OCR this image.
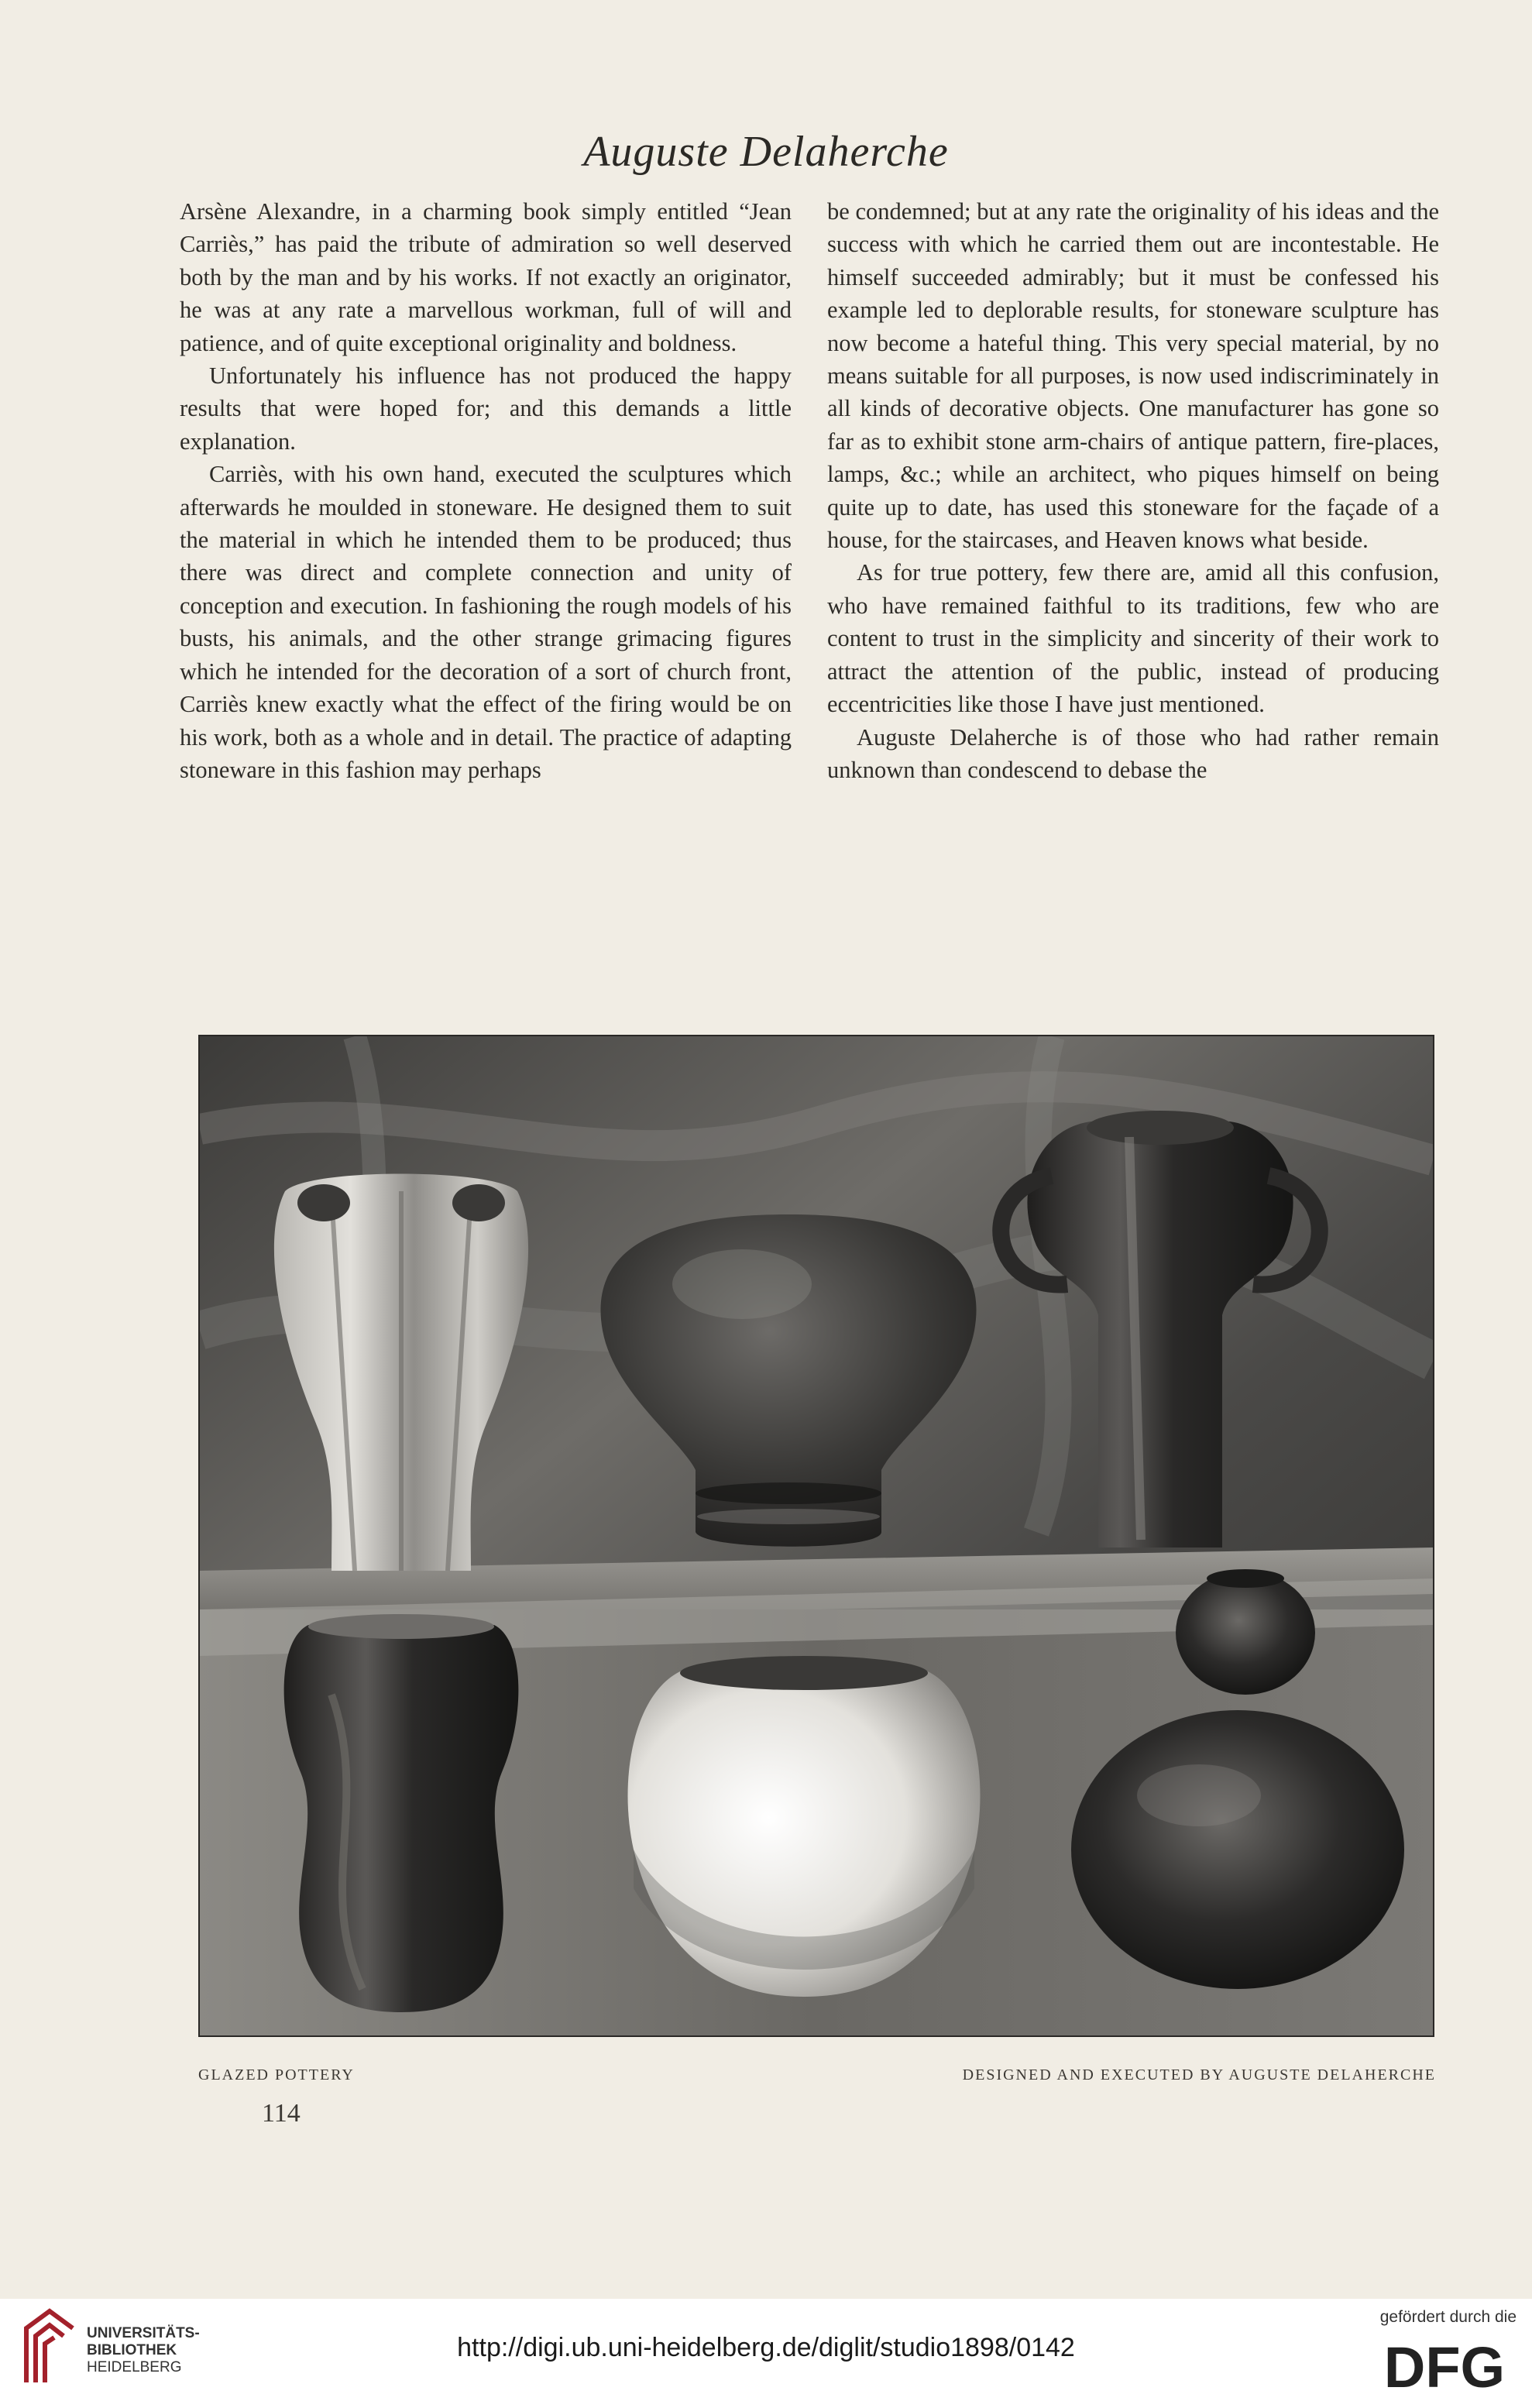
Auguste Delaherche

Arsène Alexandre, in a charming book simply entitled “Jean Carriès,” has paid the tribute of admiration so well deserved both by the man and by his works. If not exactly an originator, he was at any rate a marvellous workman, full of will and patience, and of quite exceptional originality and boldness.

Unfortunately his influence has not produced the happy results that were hoped for; and this demands a little explanation.

Carriès, with his own hand, executed the sculptures which afterwards he moulded in stoneware. He designed them to suit the material in which he intended them to be produced; thus there was direct and complete connection and unity of conception and execution. In fashioning the rough models of his busts, his animals, and the other strange grimacing figures which he intended for the decoration of a sort of church front, Carriès knew exactly what the effect of the firing would be on his work, both as a whole and in detail. The practice of adapting stoneware in this fashion may perhaps

be condemned; but at any rate the originality of his ideas and the success with which he carried them out are incontestable. He himself succeeded admirably; but it must be confessed his example led to deplorable results, for stoneware sculpture has now become a hateful thing. This very special material, by no means suitable for all purposes, is now used indiscriminately in all kinds of decorative objects. One manufacturer has gone so far as to exhibit stone arm-chairs of antique pattern, fire-places, lamps, &c.; while an architect, who piques himself on being quite up to date, has used this stoneware for the façade of a house, for the staircases, and Heaven knows what beside.

As for true pottery, few there are, amid all this confusion, who have remained faithful to its traditions, few who are content to trust in the simplicity and sincerity of their work to attract the attention of the public, instead of producing eccentricities like those I have just mentioned.

Auguste Delaherche is of those who had rather remain unknown than condescend to debase the

GLAZED POTTERY	DESIGNED AND EXECUTED BY AUGUSTE DELAHERCHE
114
UNIVERSITÄTS-
BIBLIOTHEK
HEIDELBERG
http://digi.ub.uni-heidelberg.de/diglit/studio1898/0142
gefördert durch die
DFG
